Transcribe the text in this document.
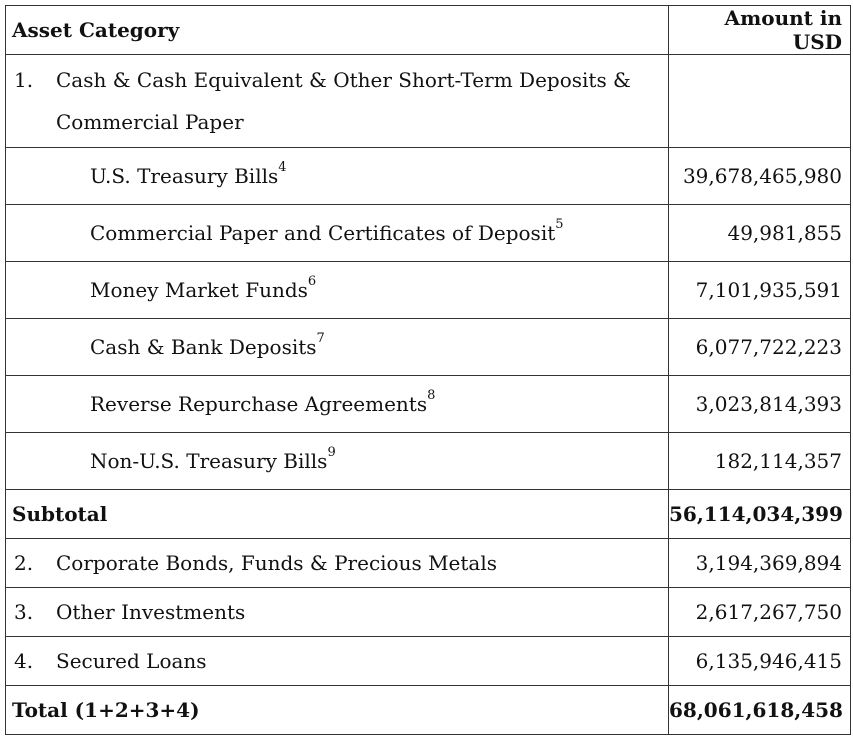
Asset Category	Amount in USD

1. Cash & Cash Equivalent & Other Short-Term Deposits &
Commercial Paper	

U.S. Treasury Bills$^4$	39,678,465,980
Commercial Paper and Certificates of Deposit$^5$	49,981,855
Money Market Funds$^6$	7,101,935,591
Cash & Bank Deposits$^7$	6,077,722,223
Reverse Repurchase Agreements$^8$	3,023,814,393
Non-U.S. Treasury Bills$^9$	182,114,357
Subtotal	56,114,034,399
2. Corporate Bonds, Funds & Precious Metals	3,194,369,894
3. Other Investments	2,617,267,750
4. Secured Loans	6,135,946,415
Total (1+2+3+4)	68,061,618,458
